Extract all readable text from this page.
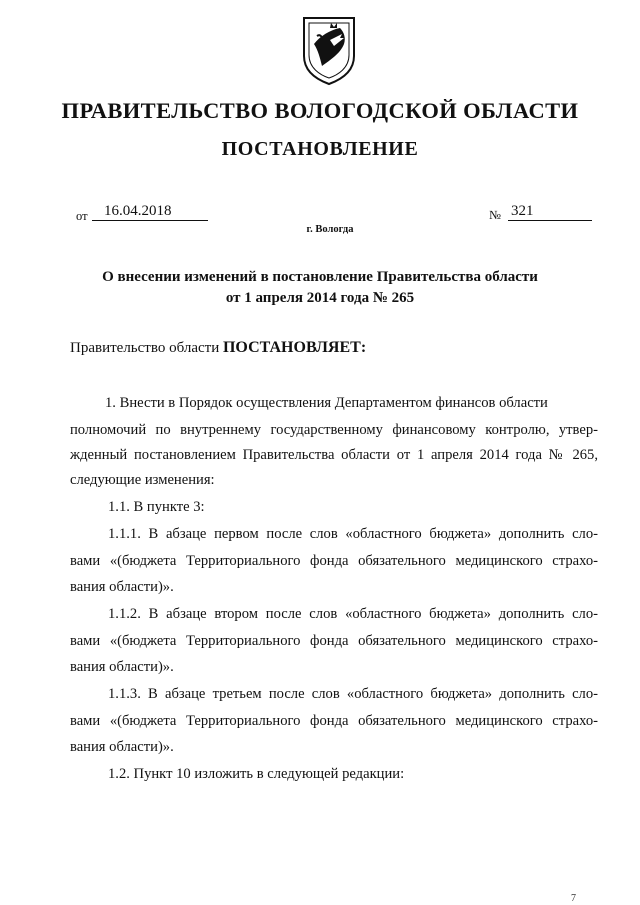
ПРАВИТЕЛЬСТВО ВОЛОГОДСКОЙ ОБЛАСТИ
ПОСТАНОВЛЕНИЕ
от	16.04.2018	№ 321
г. Вологда
О внесении изменений в постановление Правительства области
от 1 апреля 2014 года № 265
Правительство области ПОСТАНОВЛЯЕТ:
1. Внести в Порядок осуществления Департаментом финансов области
полномочий по внутреннему государственному финансовому контролю, утвер-
жденный постановлением Правительства области от 1 апреля 2014 года № 265,
следующие изменения:
1.1. В пункте 3:
1.1.1. В абзаце первом после слов «областного бюджета» дополнить сло-
вами «(бюджета Территориального фонда обязательного медицинского страхо-
вания области)».
1.1.2. В абзаце втором после слов «областного бюджета» дополнить сло-
вами «(бюджета Территориального фонда обязательного медицинского страхо-
вания области)».
1.1.3. В абзаце третьем после слов «областного бюджета» дополнить сло-
вами «(бюджета Территориального фонда обязательного медицинского страхо-
вания области)».
1.2. Пункт 10 изложить в следующей редакции:
7
